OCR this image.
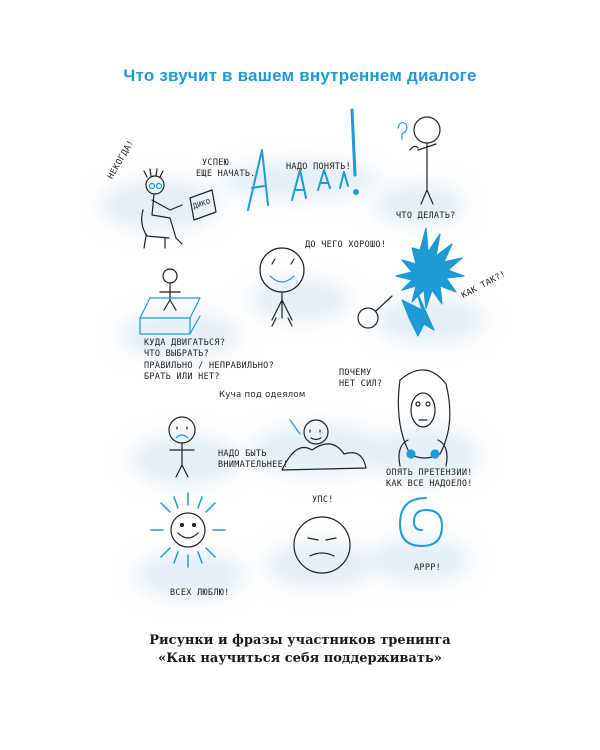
Что звучит в вашем внутреннем диалоге
НЕКОГДА!	УСПЕЮ
ЕЩЕ НАЧАТЬ.
ДИКО
НАДО ПОНЯТЬ!
ЧТО ДЕЛАТЬ?
ДО ЧЕГО ХОРОШО!
КАК ТАК?!
КУДА ДВИГАТЬСЯ?
ЧТО ВЫБРАТЬ?
ПРАВИЛЬНО / НЕПРАВИЛЬНО?
БРАТЬ ИЛИ НЕТ?
Куча под одеялом
ПОЧЕМУ
НЕТ СИЛ?
НАДО БЫТЬ
ВНИМАТЕЛЬНЕЕ!
ОПЯТЬ ПРЕТЕНЗИИ!
КАК ВСЕ НАДОЕЛО!
УПС!
АРРР!
ВСЕХ ЛЮБЛЮ!
Рисунки и фразы участников тренинга
«Как научиться себя поддерживать»
